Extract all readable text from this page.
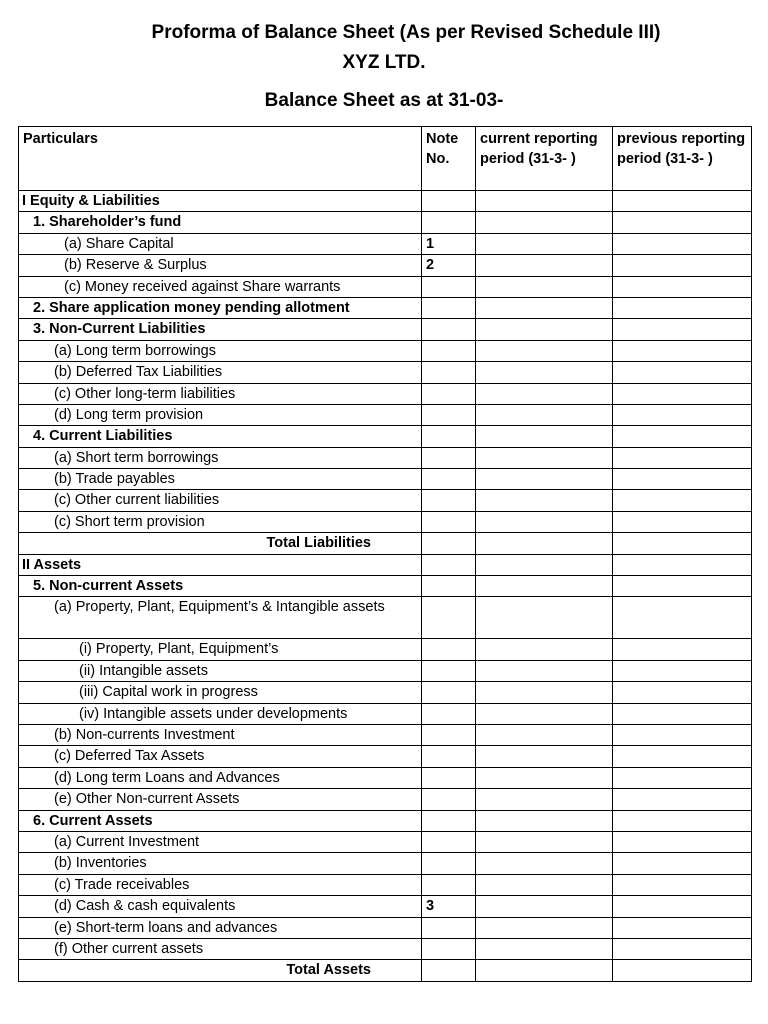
Proforma of Balance Sheet (As per Revised Schedule III)
XYZ LTD.
Balance Sheet as at 31-03-
Particulars	Note No.	current reporting period (31-3- )	previous reporting period (31-3- )
I Equity & Liabilities			
1. Shareholder’s fund			
(a) Share Capital	1		
(b) Reserve & Surplus	2		
(c) Money received against Share warrants			
2. Share application money pending allotment			
3. Non-Current Liabilities			
(a) Long term borrowings			
(b) Deferred Tax Liabilities			
(c) Other long-term liabilities			
(d) Long term provision			
4. Current Liabilities			
(a) Short term borrowings			
(b) Trade payables			
(c) Other current liabilities			
(c) Short term provision			
Total Liabilities			
II Assets			
5. Non-current Assets			
(a) Property, Plant, Equipment’s & Intangible assets			
(i) Property, Plant, Equipment’s			
(ii) Intangible assets			
(iii) Capital work in progress			
(iv) Intangible assets under developments			
(b) Non-currents Investment			
(c) Deferred Tax Assets			
(d) Long term Loans and Advances			
(e) Other Non-current Assets			
6. Current Assets			
(a) Current Investment			
(b) Inventories			
(c) Trade receivables			
(d) Cash & cash equivalents	3		
(e) Short-term loans and advances			
(f) Other current assets			
Total Assets			
